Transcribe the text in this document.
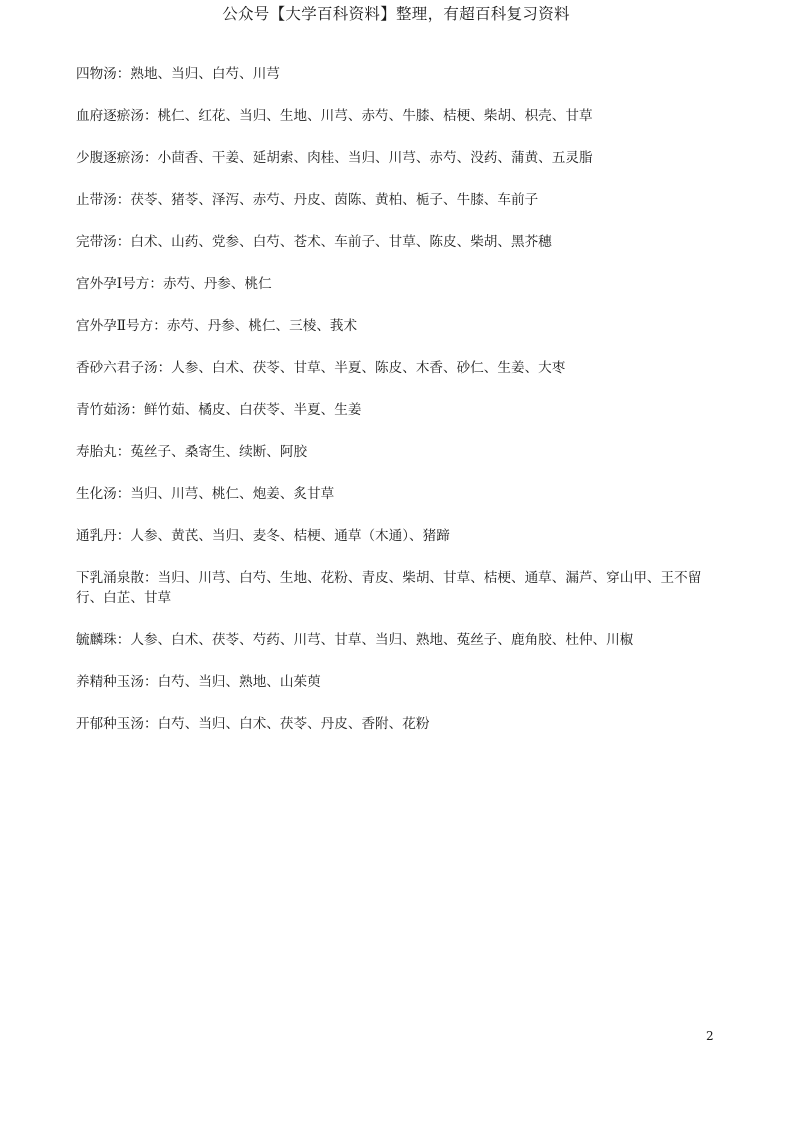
公众号【大学百科资料】整理，有超百科复习资料

四物汤：熟地、当归、白芍、川芎

血府逐瘀汤：桃仁、红花、当归、生地、川芎、赤芍、牛膝、桔梗、柴胡、枳壳、甘草

少腹逐瘀汤：小茴香、干姜、延胡索、肉桂、当归、川芎、赤芍、没药、蒲黄、五灵脂

止带汤：茯苓、猪苓、泽泻、赤芍、丹皮、茵陈、黄柏、栀子、牛膝、车前子

完带汤：白术、山药、党参、白芍、苍术、车前子、甘草、陈皮、柴胡、黑芥穗

宫外孕Ⅰ号方：赤芍、丹参、桃仁

宫外孕Ⅱ号方：赤芍、丹参、桃仁、三棱、莪术

香砂六君子汤：人参、白术、茯苓、甘草、半夏、陈皮、木香、砂仁、生姜、大枣

青竹茹汤：鲜竹茹、橘皮、白茯苓、半夏、生姜

寿胎丸：菟丝子、桑寄生、续断、阿胶

生化汤：当归、川芎、桃仁、炮姜、炙甘草

通乳丹：人参、黄芪、当归、麦冬、桔梗、通草（木通）、猪蹄

下乳涌泉散：当归、川芎、白芍、生地、花粉、青皮、柴胡、甘草、桔梗、通草、漏芦、穿山甲、王不留行、白芷、甘草

毓麟珠：人参、白术、茯苓、芍药、川芎、甘草、当归、熟地、菟丝子、鹿角胶、杜仲、川椒

养精种玉汤：白芍、当归、熟地、山茱萸

开郁种玉汤：白芍、当归、白术、茯苓、丹皮、香附、花粉

2
